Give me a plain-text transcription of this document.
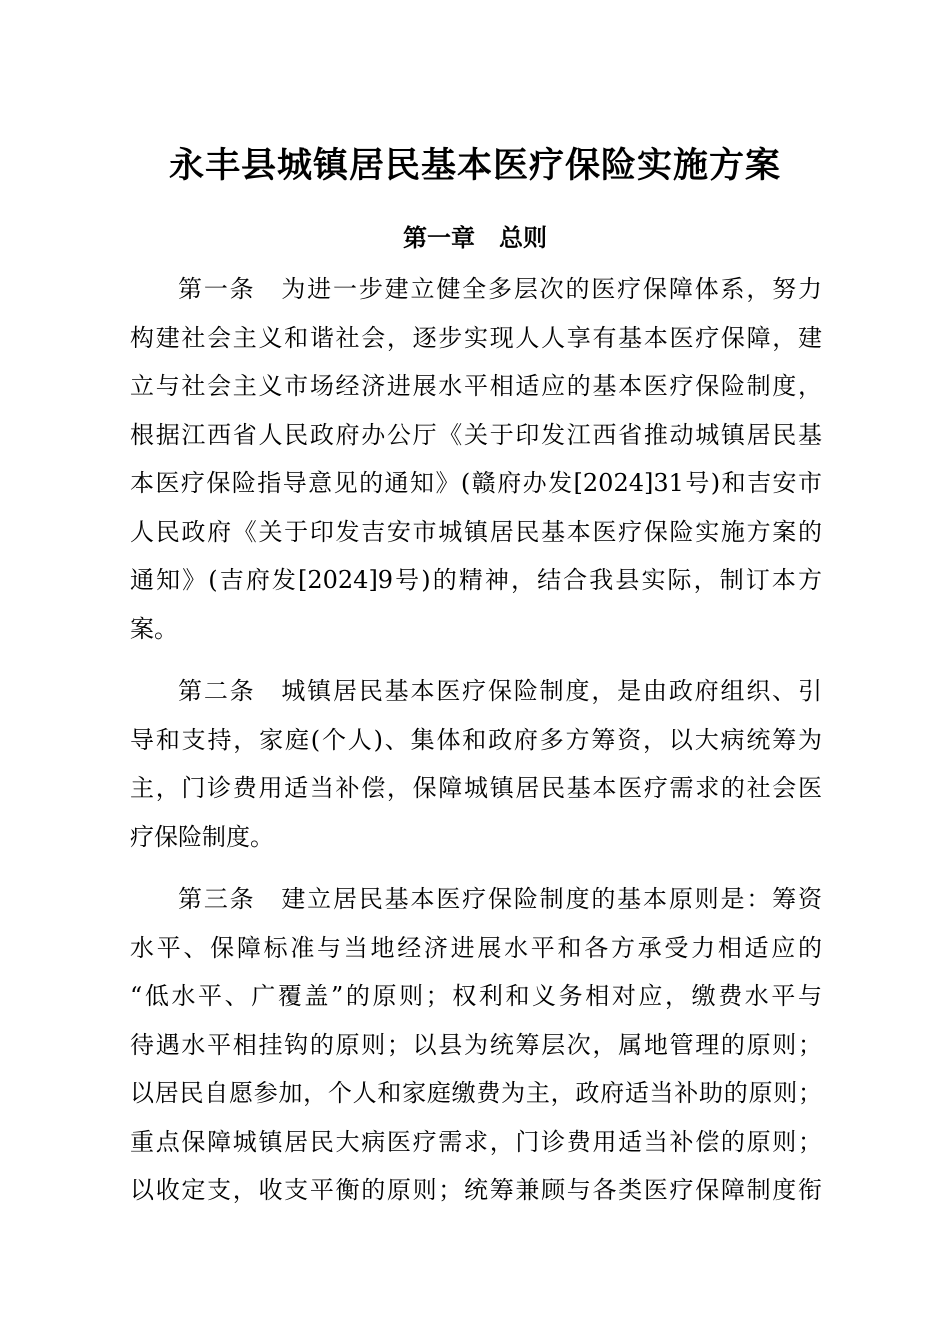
永丰县城镇居民基本医疗保险实施方案
第一章　总则
第一条　为进一步建立健全多层次的医疗保障体系，努力
构建社会主义和谐社会，逐步实现人人享有基本医疗保障，建
立与社会主义市场经济进展水平相适应的基本医疗保险制度，
根据江西省人民政府办公厅《关于印发江西省推动城镇居民基
本医疗保险指导意见的通知》(赣府办发[2024]31号)和吉安市
人民政府《关于印发吉安市城镇居民基本医疗保险实施方案的
通知》(吉府发[2024]9号)的精神，结合我县实际，制订本方
案。
第二条　城镇居民基本医疗保险制度，是由政府组织、引
导和支持，家庭(个人)、集体和政府多方筹资，以大病统筹为
主，门诊费用适当补偿，保障城镇居民基本医疗需求的社会医
疗保险制度。
第三条　建立居民基本医疗保险制度的基本原则是：筹资
水平、保障标准与当地经济进展水平和各方承受力相适应的
“低水平、广覆盖”的原则；权利和义务相对应，缴费水平与
待遇水平相挂钩的原则；以县为统筹层次，属地管理的原则；
以居民自愿参加，个人和家庭缴费为主，政府适当补助的原则；
重点保障城镇居民大病医疗需求，门诊费用适当补偿的原则；
以收定支，收支平衡的原则；统筹兼顾与各类医疗保障制度衔
